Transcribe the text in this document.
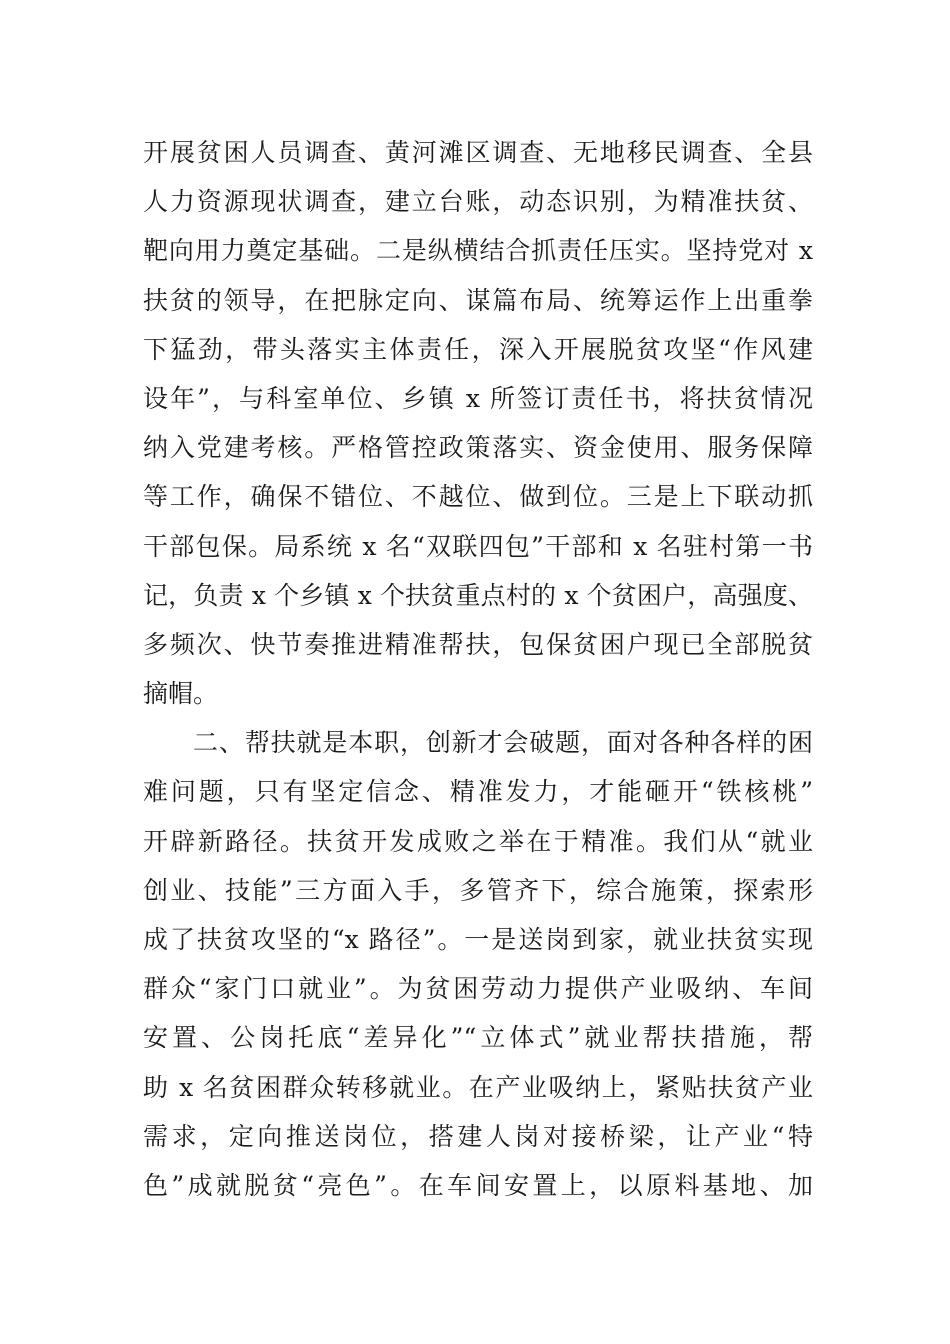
开展贫困人员调查、黄河滩区调查、无地移民调查、全县
人力资源现状调查，建立台账，动态识别，为精准扶贫、
靶向用力奠定基础。二是纵横结合抓责任压实。坚持党对 x
扶贫的领导，在把脉定向、谋篇布局、统筹运作上出重拳
下猛劲，带头落实主体责任，深入开展脱贫攻坚“作风建
设年”，与科室单位、乡镇 x 所签订责任书，将扶贫情况
纳入党建考核。严格管控政策落实、资金使用、服务保障
等工作，确保不错位、不越位、做到位。三是上下联动抓
干部包保。局系统 x 名“双联四包”干部和 x 名驻村第一书
记，负责 x 个乡镇 x 个扶贫重点村的 x 个贫困户，高强度、
多频次、快节奏推进精准帮扶，包保贫困户现已全部脱贫
摘帽。
二、帮扶就是本职，创新才会破题，面对各种各样的困
难问题，只有坚定信念、精准发力，才能砸开“铁核桃”
开辟新路径。扶贫开发成败之举在于精准。我们从“就业
创业、技能”三方面入手，多管齐下，综合施策，探索形
成了扶贫攻坚的“x 路径”。一是送岗到家，就业扶贫实现
群众“家门口就业”。为贫困劳动力提供产业吸纳、车间
安置、公岗托底“差异化”“立体式”就业帮扶措施，帮
助 x 名贫困群众转移就业。在产业吸纳上，紧贴扶贫产业
需求，定向推送岗位，搭建人岗对接桥梁，让产业“特
色”成就脱贫“亮色”。在车间安置上，以原料基地、加
